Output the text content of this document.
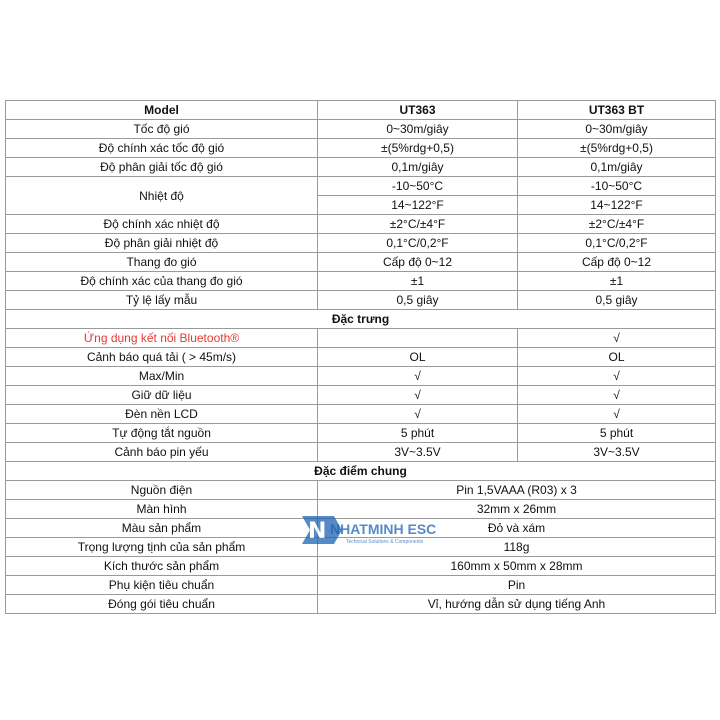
Model	UT363	UT363 BT
Tốc độ gió	0~30m/giây	0~30m/giây
Độ chính xác tốc độ gió	±(5%rdg+0,5)	±(5%rdg+0,5)
Độ phân giải tốc độ gió	0,1m/giây	0,1m/giây
Nhiệt độ	-10~50°C	-10~50°C
	14~122°F	14~122°F
Độ chính xác nhiệt độ	±2°C/±4°F	±2°C/±4°F
Độ phân giải nhiệt độ	0,1°C/0,2°F	0,1°C/0,2°F
Thang đo gió	Cấp độ 0~12	Cấp độ 0~12
Độ chính xác của thang đo gió	±1	±1
Tỷ lệ lấy mẫu	0,5 giây	0,5 giây
Đặc trưng		
Ứng dụng kết nối Bluetooth®		√
Cảnh báo quá tải ( > 45m/s)	OL	OL
Max/Min	√	√
Giữ dữ liệu	√	√
Đèn nền LCD	√	√
Tự động tắt nguồn	5 phút	5 phút
Cảnh báo pin yếu	3V~3.5V	3V~3.5V
Đặc điểm chung		
Nguồn điện	Pin 1,5VAAA (R03) x 3	
Màn hình	32mm x 26mm	
Màu sản phẩm	Đỏ và xám	
Trọng lượng tịnh của sản phẩm	118g	
Kích thước sản phẩm	160mm x 50mm x 28mm	
Phụ kiện tiêu chuẩn	Pin	
Đóng gói tiêu chuẩn	Vỉ, hướng dẫn sử dụng tiếng Anh	
N NHATMINH ESC
Technical Solutions & Components
